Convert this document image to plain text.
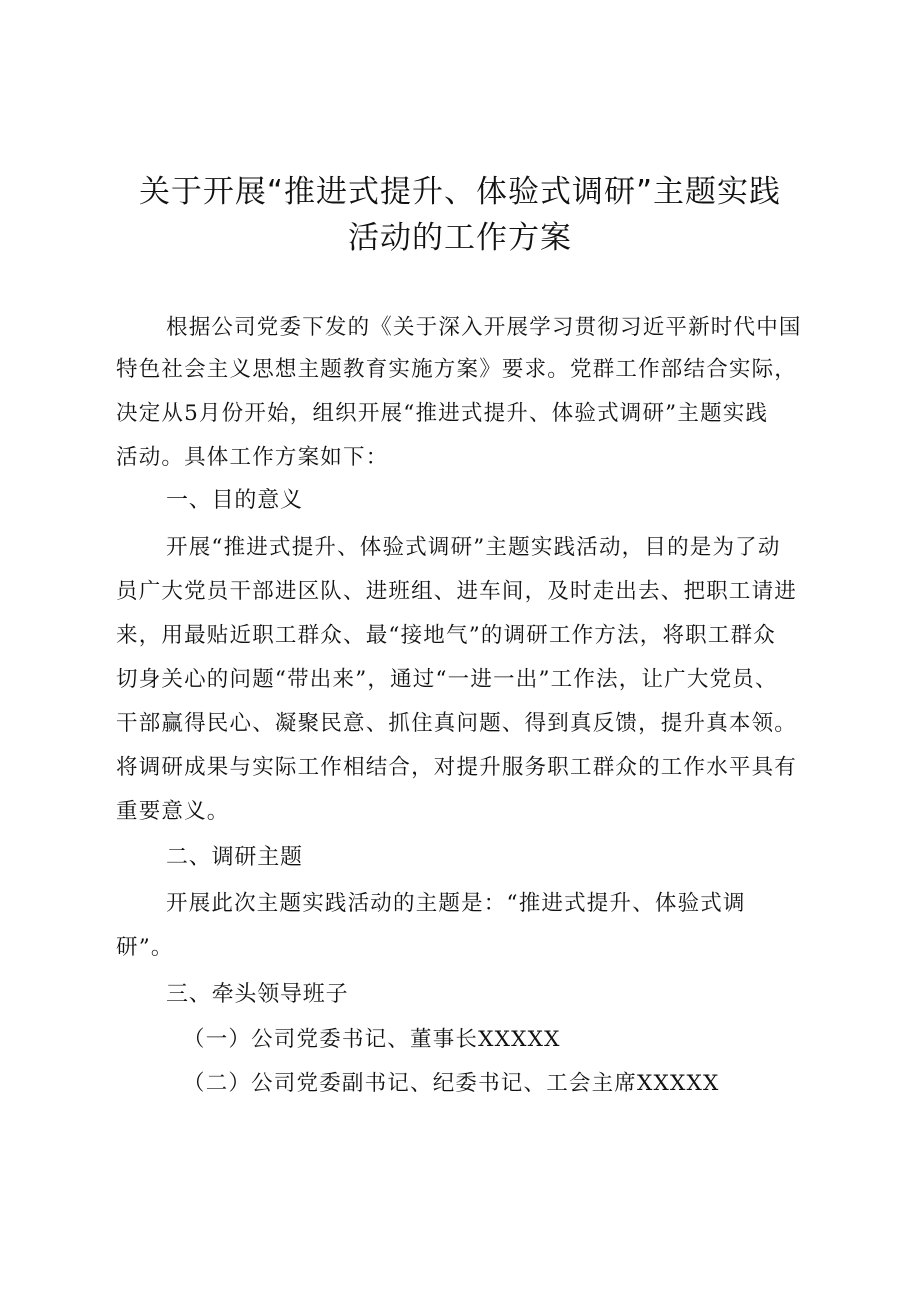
关于开展“推进式提升、体验式调研”主题实践
活动的工作方案
根据公司党委下发的《关于深入开展学习贯彻习近平新时代中国
特色社会主义思想主题教育实施方案》要求。党群工作部结合实际，
决定从5月份开始，组织开展“推进式提升、体验式调研”主题实践
活动。具体工作方案如下：
一、目的意义
开展“推进式提升、体验式调研”主题实践活动，目的是为了动
员广大党员干部进区队、进班组、进车间，及时走出去、把职工请进
来，用最贴近职工群众、最“接地气”的调研工作方法，将职工群众
切身关心的问题“带出来”，通过“一进一出”工作法，让广大党员、
干部赢得民心、凝聚民意、抓住真问题、得到真反馈，提升真本领。
将调研成果与实际工作相结合，对提升服务职工群众的工作水平具有
重要意义。
二、调研主题
开展此次主题实践活动的主题是：“推进式提升、体验式调
研”。
三、牵头领导班子
（一）公司党委书记、董事长XXXXX
（二）公司党委副书记、纪委书记、工会主席XXXXX
